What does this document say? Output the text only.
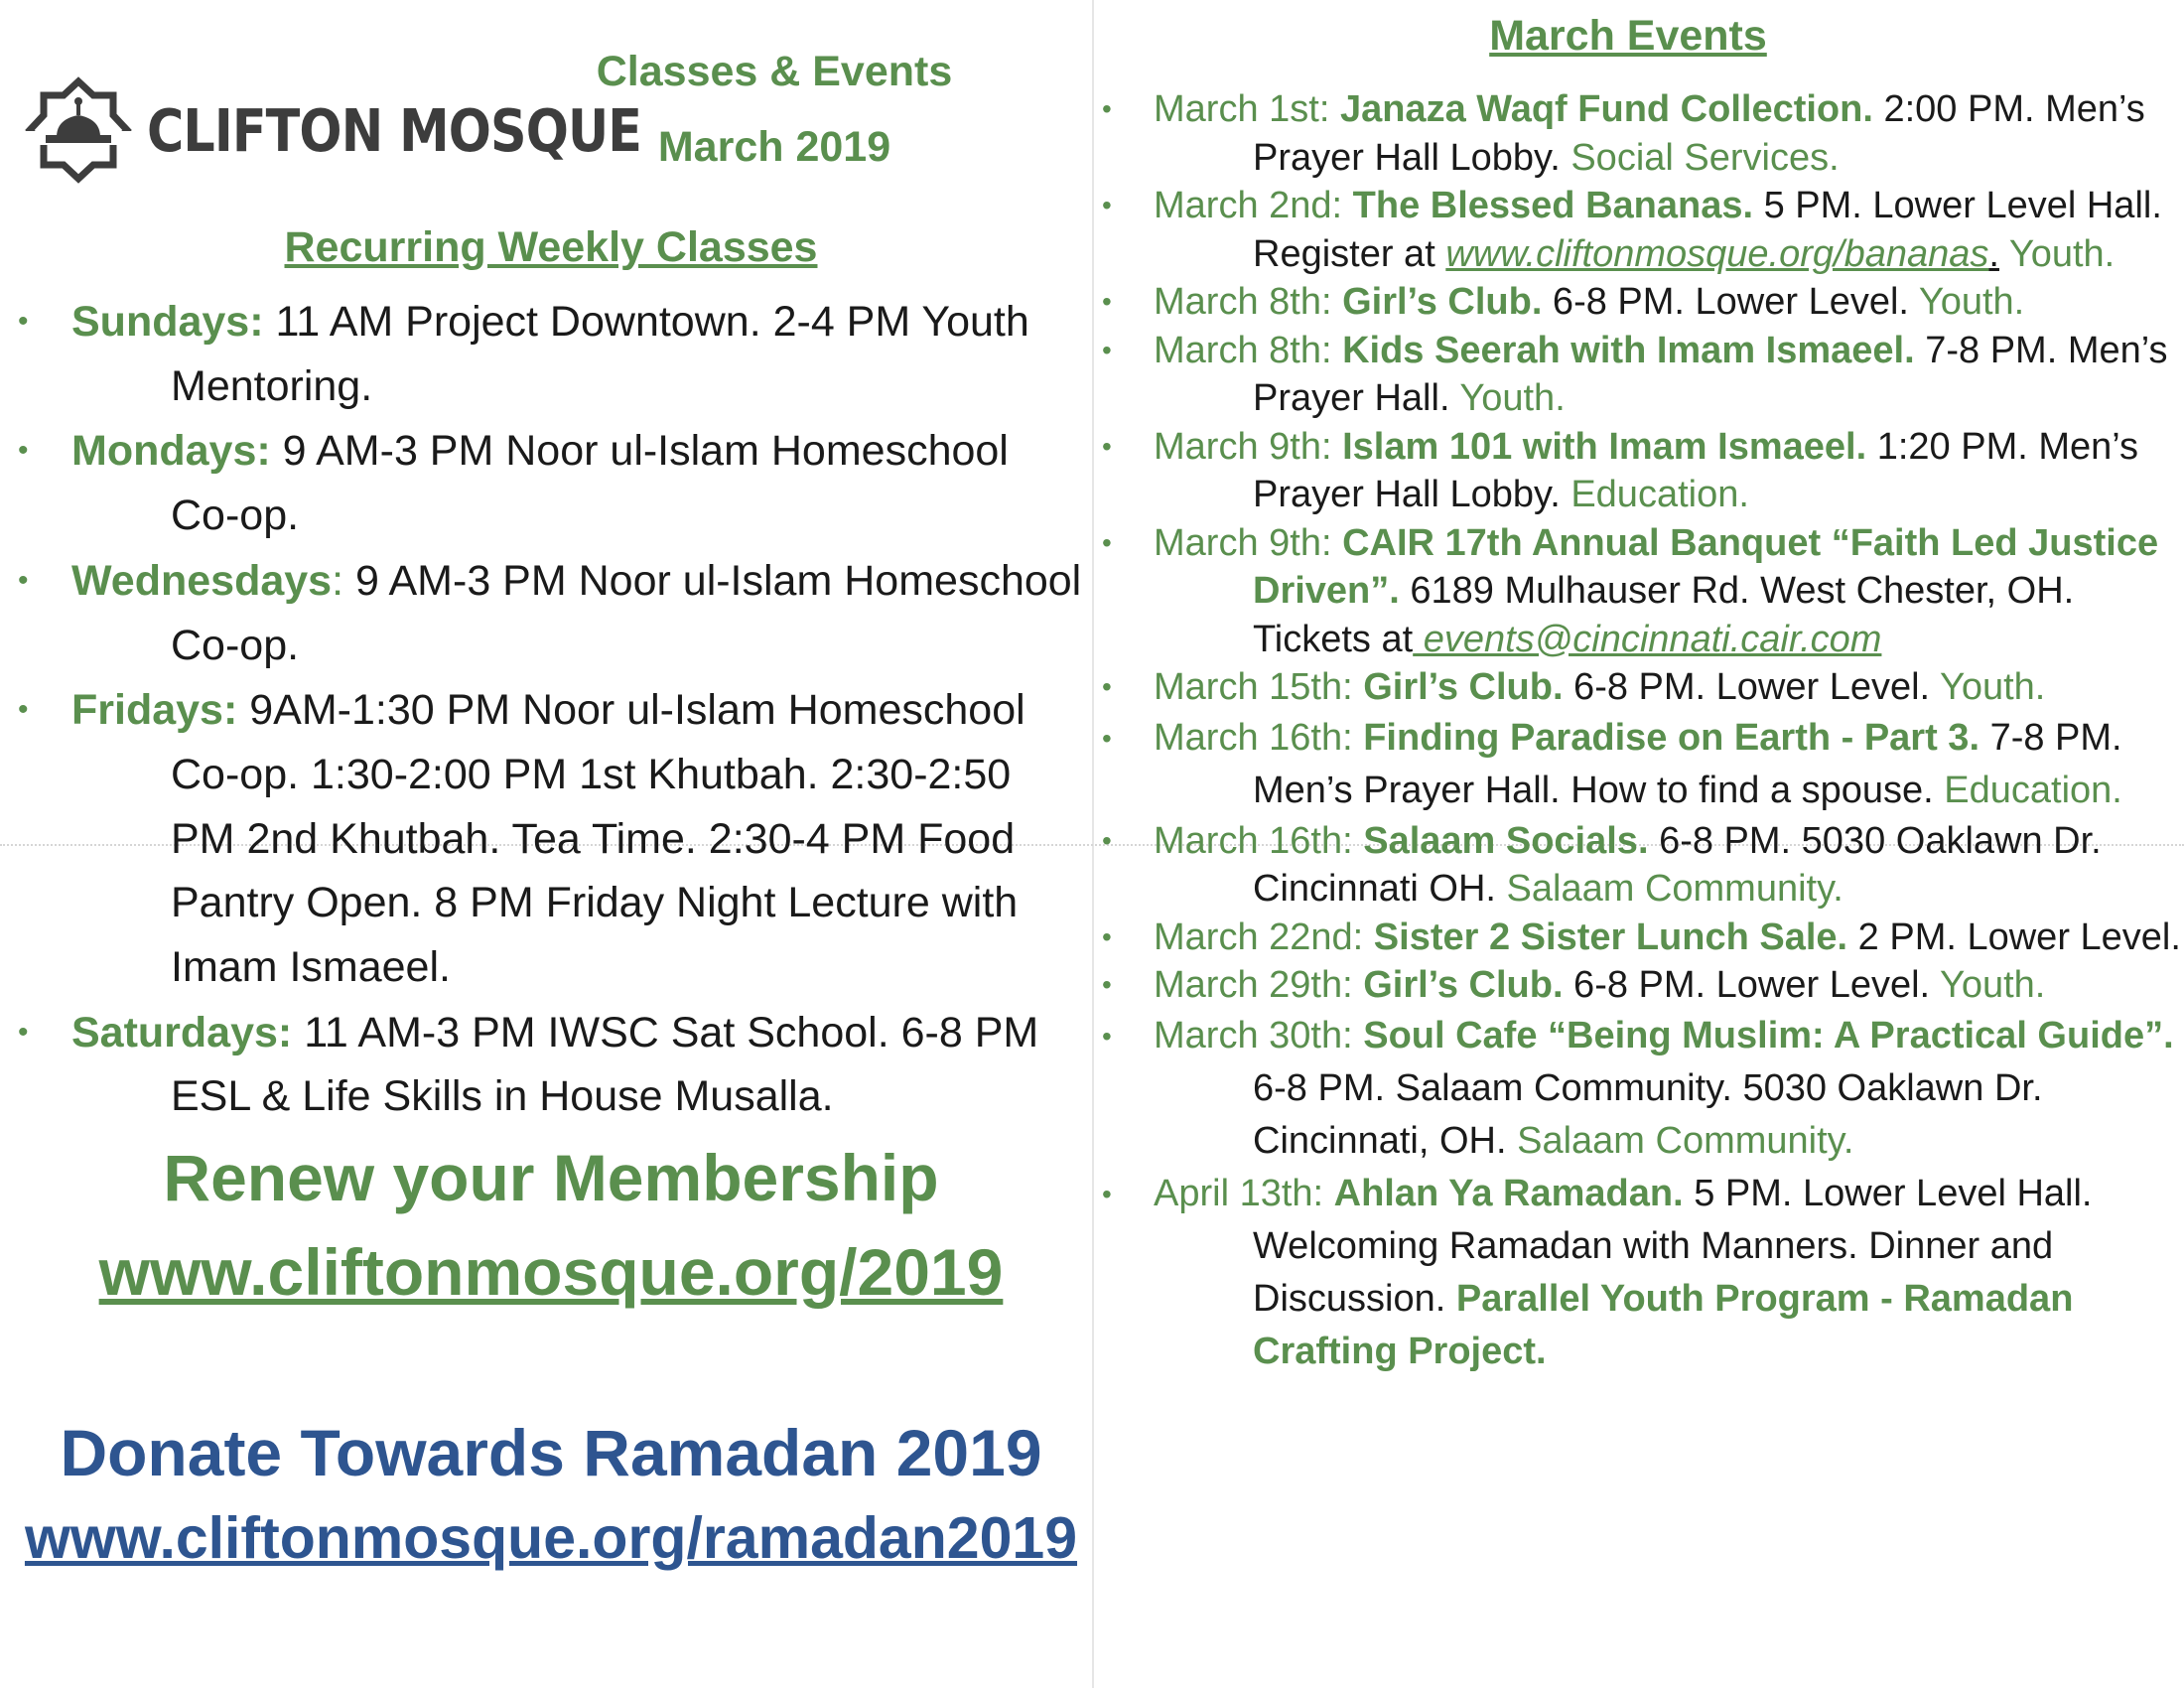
CLIFTON MOSQUE
Classes & Events
March 2019
Recurring Weekly Classes
• Sundays: 11 AM Project Downtown. 2-4 PM Youth Mentoring.
• Mondays: 9 AM-3 PM Noor ul-Islam Homeschool Co-op.
• Wednesdays: 9 AM-3 PM Noor ul-Islam Homeschool Co-op.
• Fridays: 9AM-1:30 PM Noor ul-Islam Homeschool Co-op. 1:30-2:00 PM 1st Khutbah. 2:30-2:50 PM 2nd Khutbah. Tea Time. 2:30-4 PM Food Pantry Open. 8 PM Friday Night Lecture with Imam Ismaeel.
• Saturdays: 11 AM-3 PM IWSC Sat School. 6-8 PM ESL & Life Skills in House Musalla.
Renew your Membership
www.cliftonmosque.org/2019
Donate Towards Ramadan 2019
www.cliftonmosque.org/ramadan2019
March Events
• March 1st: Janaza Waqf Fund Collection. 2:00 PM. Men’s Prayer Hall Lobby. Social Services.
• March 2nd: The Blessed Bananas. 5 PM. Lower Level Hall. Register at www.cliftonmosque.org/bananas. Youth.
• March 8th: Girl’s Club. 6-8 PM. Lower Level. Youth.
• March 8th: Kids Seerah with Imam Ismaeel. 7-8 PM. Men’s Prayer Hall. Youth.
• March 9th: Islam 101 with Imam Ismaeel. 1:20 PM. Men’s Prayer Hall Lobby. Education.
• March 9th: CAIR 17th Annual Banquet “Faith Led Justice Driven”. 6189 Mulhauser Rd. West Chester, OH. Tickets at events@cincinnati.cair.com
• March 15th: Girl’s Club. 6-8 PM. Lower Level. Youth.
• March 16th: Finding Paradise on Earth - Part 3. 7-8 PM. Men’s Prayer Hall. How to find a spouse. Education.
• March 16th: Salaam Socials. 6-8 PM. 5030 Oaklawn Dr. Cincinnati OH. Salaam Community.
• March 22nd: Sister 2 Sister Lunch Sale. 2 PM. Lower Level.
• March 29th: Girl’s Club. 6-8 PM. Lower Level. Youth.
• March 30th: Soul Cafe “Being Muslim: A Practical Guide”. 6-8 PM. Salaam Community. 5030 Oaklawn Dr. Cincinnati, OH. Salaam Community.
• April 13th: Ahlan Ya Ramadan. 5 PM. Lower Level Hall. Welcoming Ramadan with Manners. Dinner and Discussion. Parallel Youth Program - Ramadan Crafting Project.
